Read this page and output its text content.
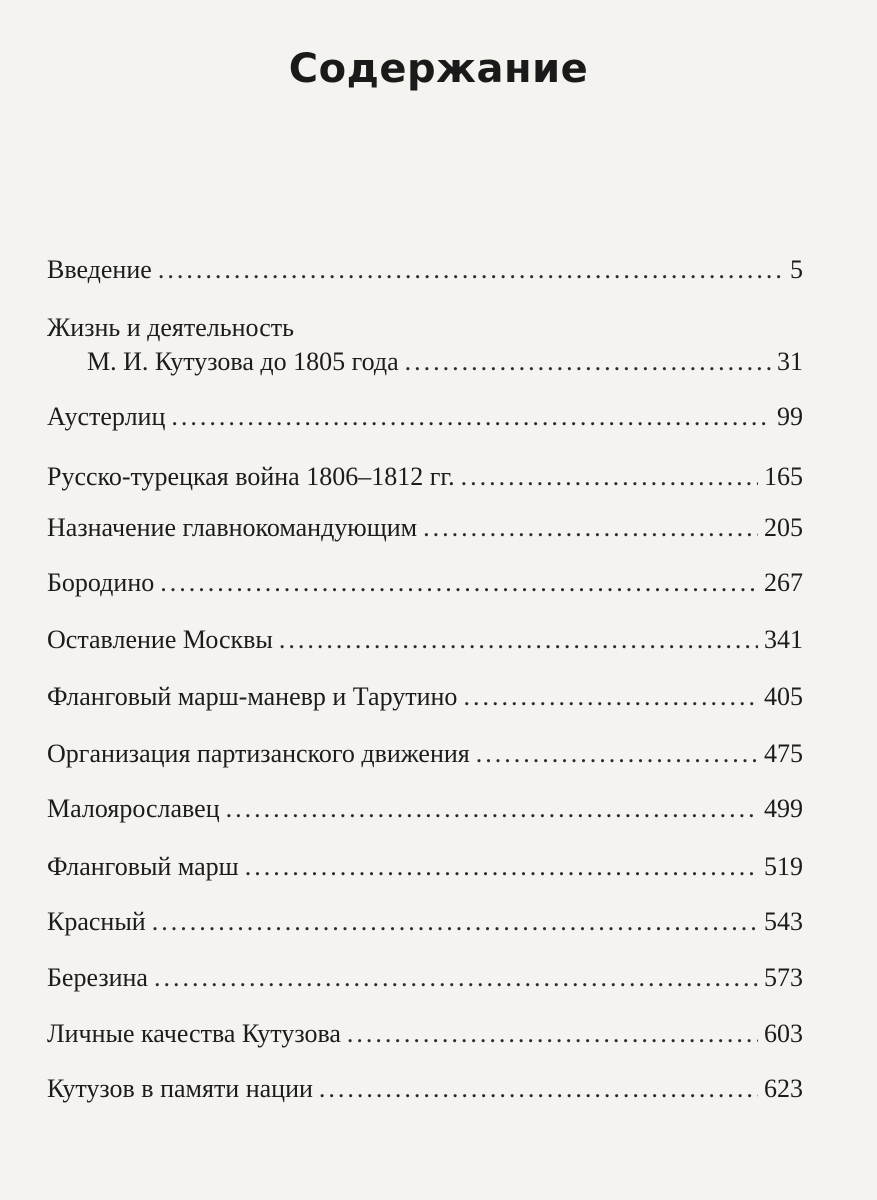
Содержание
Введение .....	5
Жизнь и деятельность
М. И. Кутузова до 1805 года .....	31
Аустерлиц .....	99
Русско-турецкая война 1806–1812 гг. .....	165
Назначение главнокомандующим .....	205
Бородино .....	267
Оставление Москвы .....	341
Фланговый марш-маневр и Тарутино .....	405
Организация партизанского движения .....	475
Малоярославец .....	499
Фланговый марш .....	519
Красный .....	543
Березина .....	573
Личные качества Кутузова .....	603
Кутузов в памяти нации .....	623
